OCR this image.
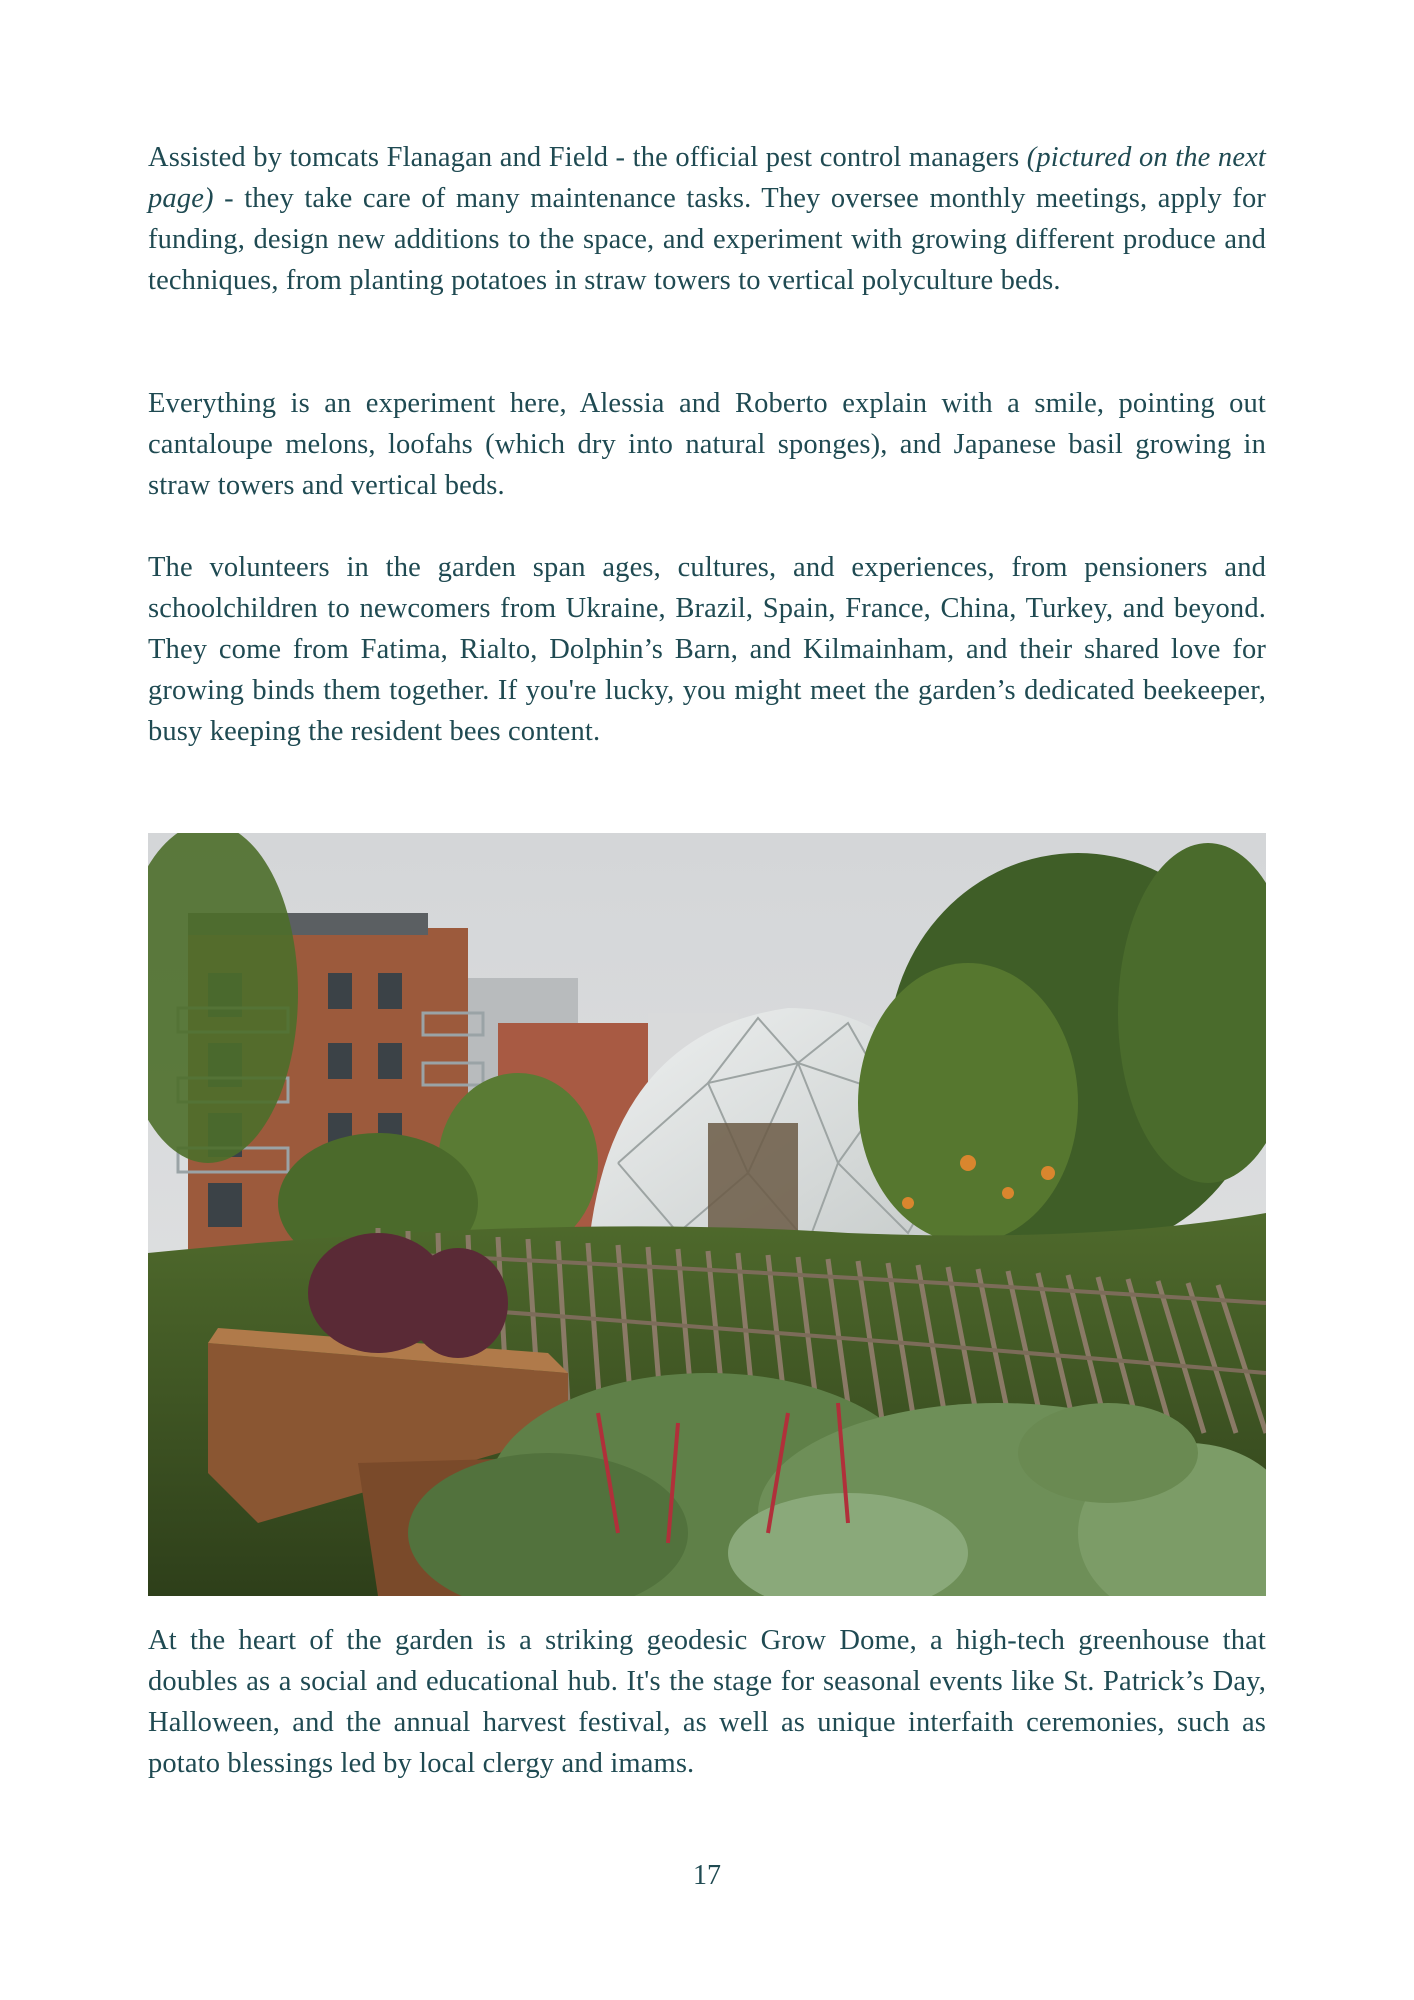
Assisted by tomcats Flanagan and Field - the official pest control managers (pictured on the next page) - they take care of many maintenance tasks. They oversee monthly meetings, apply for funding, design new additions to the space, and experiment with growing different produce and techniques, from planting potatoes in straw towers to vertical polyculture beds.

Everything is an experiment here, Alessia and Roberto explain with a smile, pointing out cantaloupe melons, loofahs (which dry into natural sponges), and Japanese basil growing in straw towers and vertical beds.

The volunteers in the garden span ages, cultures, and experiences, from pensioners and schoolchildren to newcomers from Ukraine, Brazil, Spain, France, China, Turkey, and beyond. They come from Fatima, Rialto, Dolphin’s Barn, and Kilmainham, and their shared love for growing binds them together. If you're lucky, you might meet the garden’s dedicated beekeeper, busy keeping the resident bees content.

At the heart of the garden is a striking geodesic Grow Dome, a high-tech greenhouse that doubles as a social and educational hub. It's the stage for seasonal events like St. Patrick’s Day, Halloween, and the annual harvest festival, as well as unique interfaith ceremonies, such as potato blessings led by local clergy and imams.

17
